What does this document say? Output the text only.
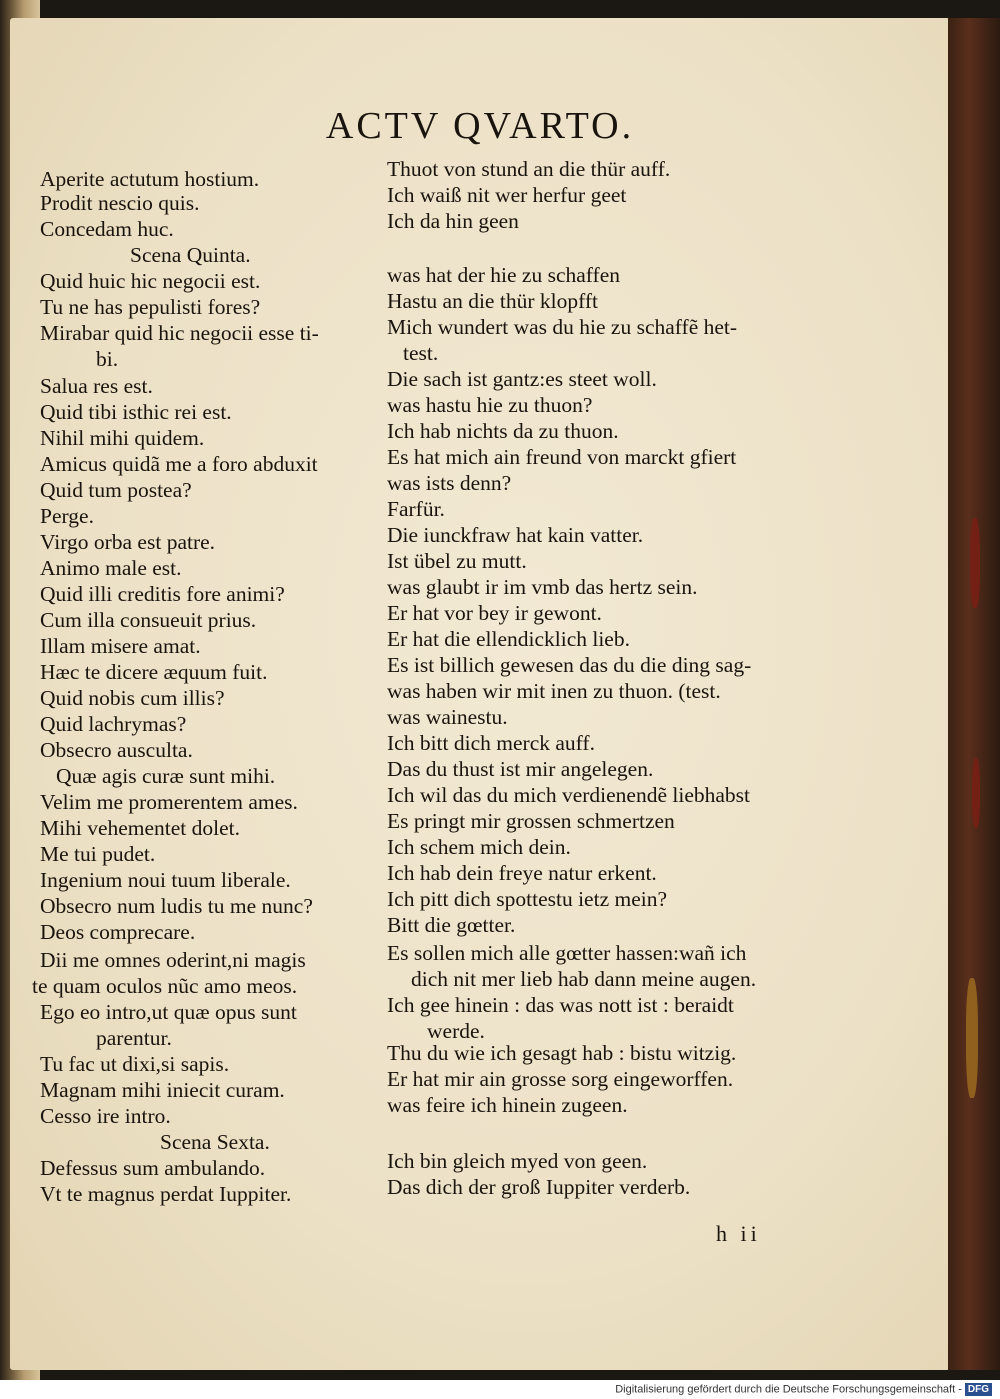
ACTV QVARTO.
Aperite actutum hostium.
Prodit nescio quis.
Concedam huc.
Scena Quinta.
Quid huic hic negocii est.
Tu ne has pepulisti fores?
Mirabar quid hic negocii esse ti-
bi.
Salua res est.
Quid tibi isthic rei est.
Nihil mihi quidem.
Amicus quidã me a foro abduxit
Quid tum postea?
Perge.
Virgo orba est patre.
Animo male est.
Quid illi creditis fore animi?
Cum illa consueuit prius.
Illam misere amat.
Hæc te dicere æquum fuit.
Quid nobis cum illis?
Quid lachrymas?
Obsecro ausculta.
Quæ agis curæ sunt mihi.
Velim me promerentem ames.
Mihi vehementet dolet.
Me tui pudet.
Ingenium noui tuum liberale.
Obsecro num ludis tu me nunc?
Deos comprecare.
Dii me omnes oderint,ni magis
te quam oculos nũc amo meos.
Ego eo intro,ut quæ opus sunt
parentur.
Tu fac ut dixi,si sapis.
Magnam mihi iniecit curam.
Cesso ire intro.
Scena Sexta.
Defessus sum ambulando.
Vt te magnus perdat Iuppiter.
Thuot von stund an die thür auff.
Ich waiß nit wer herfur geet
Ich da hin geen
was hat der hie zu schaffen
Hastu an die thür klopfft
Mich wundert was du hie zu schaffẽ het-
test.
Die sach ist gantz:es steet woll.
was hastu hie zu thuon?
Ich hab nichts da zu thuon.
Es hat mich ain freund von marckt gfiert
was ists denn?
Farfür.
Die iunckfraw hat kain vatter.
Ist übel zu mutt.
was glaubt ir im vmb das hertz sein.
Er hat vor bey ir gewont.
Er hat die ellendicklich lieb.
Es ist billich gewesen das du die ding sag-
was haben wir mit inen zu thuon. (test.
was wainestu.
Ich bitt dich merck auff.
Das du thust ist mir angelegen.
Ich wil das du mich verdienendẽ liebhabst
Es pringt mir grossen schmertzen
Ich schem mich dein.
Ich hab dein freye natur erkent.
Ich pitt dich spottestu ietz mein?
Bitt die gœtter.
Es sollen mich alle gœtter hassen:wañ ich
dich nit mer lieb hab dann meine augen.
Ich gee hinein : das was nott ist : beraidt
werde.
Thu du wie ich gesagt hab : bistu witzig.
Er hat mir ain grosse sorg eingeworffen.
was feire ich hinein zugeen.
Ich bin gleich myed von geen.
Das dich der groß Iuppiter verderb.
h ii
Digitalisierung gefördert durch die Deutsche Forschungsgemeinschaft - DFG
